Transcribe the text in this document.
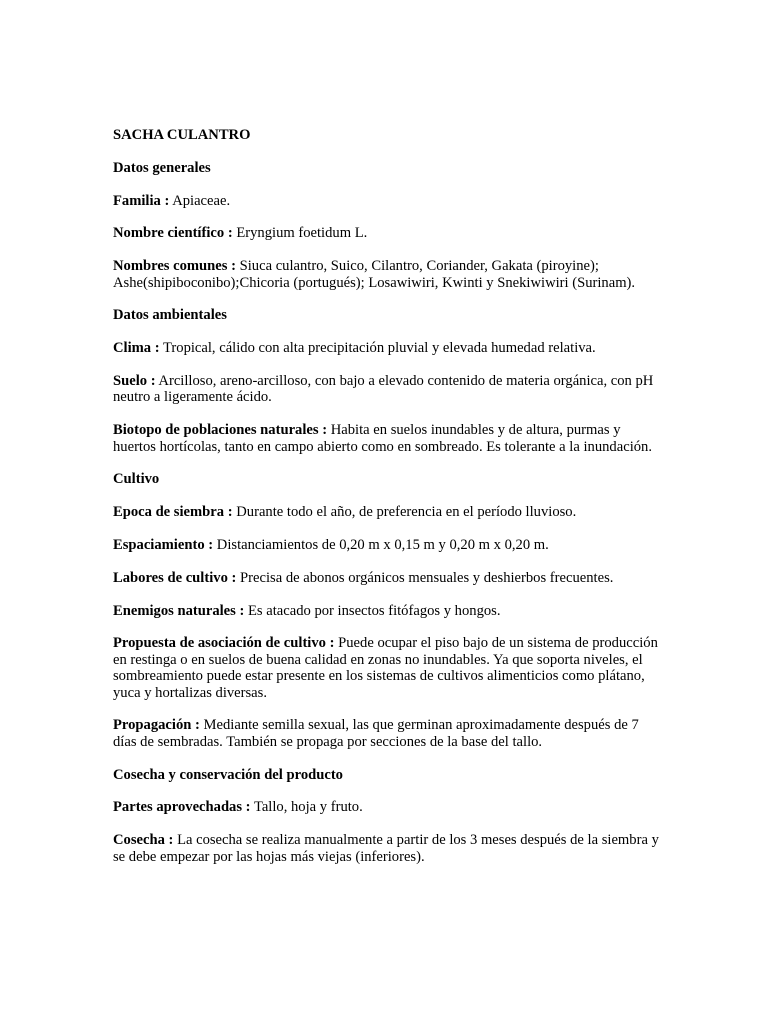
SACHA CULANTRO

Datos generales

Familia : Apiaceae.

Nombre científico : Eryngium foetidum L.

Nombres comunes : Siuca culantro, Suico, Cilantro, Coriander, Gakata (piroyine); Ashe(shipiboconibo);Chicoria (portugués); Losawiwiri, Kwinti y Snekiwiwiri (Surinam).

Datos ambientales

Clima : Tropical, cálido con alta precipitación pluvial y elevada humedad relativa.

Suelo : Arcilloso, areno-arcilloso, con bajo a elevado contenido de materia orgánica, con pH neutro a ligeramente ácido.

Biotopo de poblaciones naturales : Habita en suelos inundables y de altura, purmas y huertos hortícolas, tanto en campo abierto como en sombreado. Es tolerante a la inundación.

Cultivo

Epoca de siembra : Durante todo el año, de preferencia en el período lluvioso.

Espaciamiento : Distanciamientos de 0,20 m x 0,15 m y 0,20 m x 0,20 m.

Labores de cultivo : Precisa de abonos orgánicos mensuales y deshierbos frecuentes.

Enemigos naturales : Es atacado por insectos fitófagos y hongos.

Propuesta de asociación de cultivo : Puede ocupar el piso bajo de un sistema de producción en restinga o en suelos de buena calidad en zonas no inundables. Ya que soporta niveles, el sombreamiento puede estar presente en los sistemas de cultivos alimenticios como plátano, yuca y hortalizas diversas.

Propagación : Mediante semilla sexual, las que germinan aproximadamente después de 7 días de sembradas. También se propaga por secciones de la base del tallo.

Cosecha y conservación del producto

Partes aprovechadas : Tallo, hoja y fruto.

Cosecha : La cosecha se realiza manualmente a partir de los 3 meses después de la siembra y se debe empezar por las hojas más viejas (inferiores).
